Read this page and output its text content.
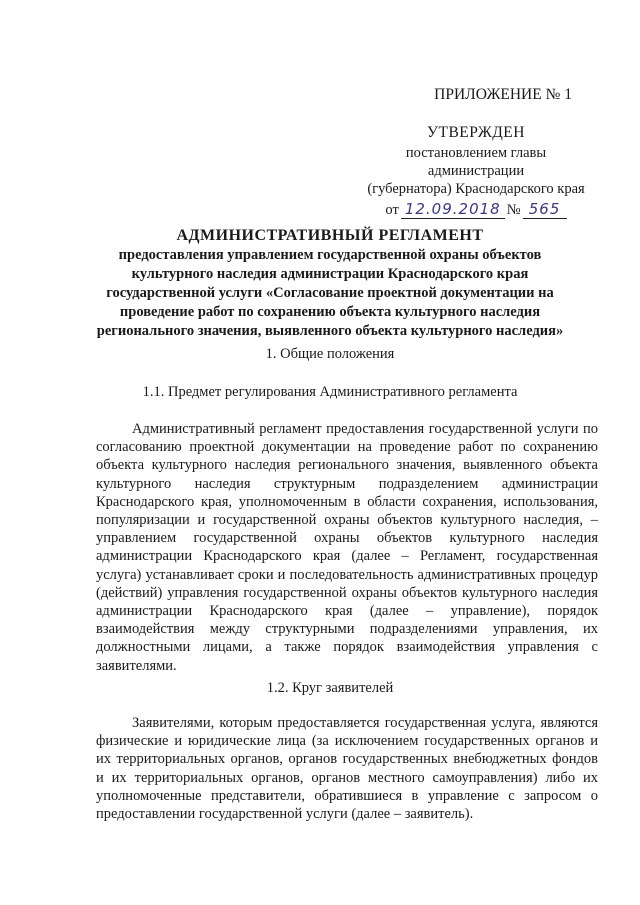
ПРИЛОЖЕНИЕ № 1
УТВЕРЖДЕН
постановлением главы администрации
(губернатора) Краснодарского края
от 12.09.2018 № 565
АДМИНИСТРАТИВНЫЙ РЕГЛАМЕНТ
предоставления управлением государственной охраны объектов
культурного наследия администрации Краснодарского края
государственной услуги «Согласование проектной документации на
проведение работ по сохранению объекта культурного наследия
регионального значения, выявленного объекта культурного наследия»
1. Общие положения
1.1. Предмет регулирования Административного регламента
Административный регламент предоставления государственной услуги по согласованию проектной документации на проведение работ по сохранению объекта культурного наследия регионального значения, выявленного объекта культурного наследия структурным подразделением администрации Краснодарского края, уполномоченным в области сохранения, использования, популяризации и государственной охраны объектов культурного наследия, – управлением государственной охраны объектов культурного наследия администрации Краснодарского края (далее – Регламент, государственная услуга) устанавливает сроки и последовательность административных процедур (действий) управления государственной охраны объектов культурного наследия администрации Краснодарского края (далее – управление), порядок взаимодействия между структурными подразделениями управления, их должностными лицами, а также порядок взаимодействия управления с заявителями.
1.2. Круг заявителей
Заявителями, которым предоставляется государственная услуга, являются физические и юридические лица (за исключением государственных органов и их территориальных органов, органов государственных внебюджетных фондов и их территориальных органов, органов местного самоуправления) либо их уполномоченные представители, обратившиеся в управление с запросом о предоставлении государственной услуги (далее – заявитель).
